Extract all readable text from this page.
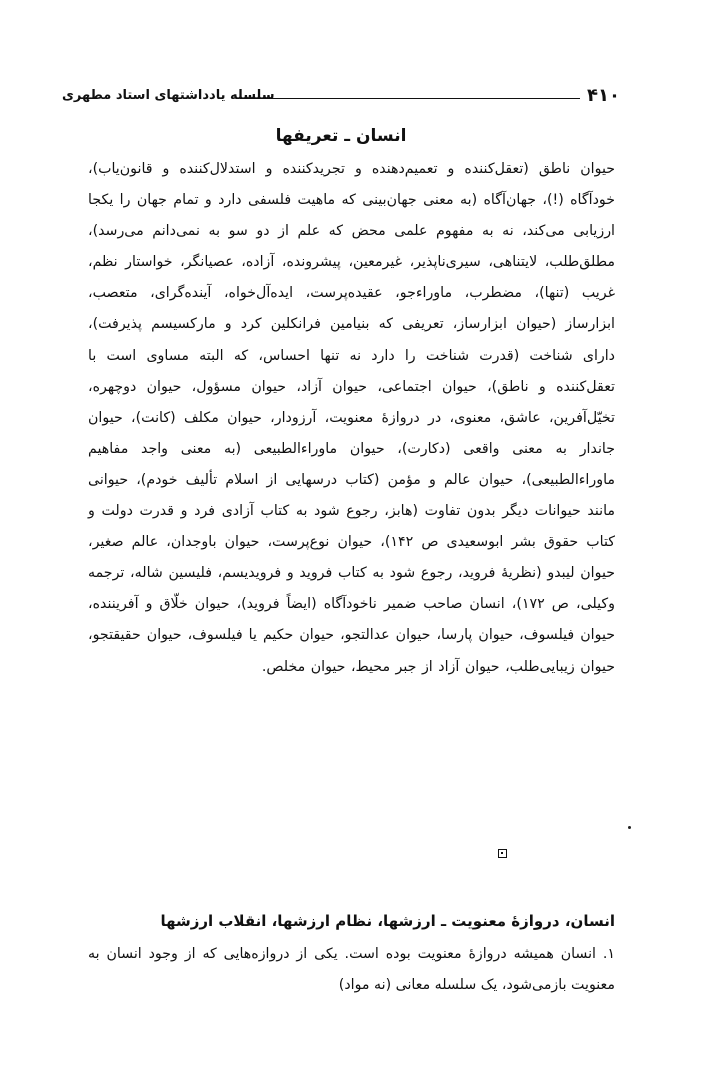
۴۱۰
سلسله یادداشتهای استاد مطهری
انسان ـ تعریفها

حیوان ناطق (تعقل‌کننده و تعمیم‌دهنده و تجریدکننده و استدلال‌کننده و قانون‌یاب)، خودآگاه (!)، جهان‌آگاه (به معنی جهان‌بینی که ماهیت فلسفی دارد و تمام جهان را یکجا ارزیابی می‌کند، نه به مفهوم علمی محض که علم از دو سو به نمی‌دانم می‌رسد)، مطلق‌طلب، لایتناهی، سیری‌ناپذیر، غیرمعین، پیشرونده، آزاده، عصیانگر، خواستار نظم، غریب (تنها)، مضطرب، ماوراءجو، عقیده‌پرست، ایده‌آل‌خواه، آینده‌گرای، متعصب، ابزارساز (حیوان ابزارساز، تعریفی که بنیامین فرانکلین کرد و مارکسیسم پذیرفت)، دارای شناخت (قدرت شناخت را دارد نه تنها احساس، که البته مساوی است با تعقل‌کننده و ناطق)، حیوان اجتماعی، حیوان آزاد، حیوان مسؤول، حیوان دوچهره، تخیّل‌آفرین، عاشق، معنوی، در دروازهٔ معنویت، آرزودار، حیوان مکلف (کانت)، حیوان جاندار به معنی واقعی (دکارت)، حیوان ماوراءالطبیعی (به معنی واجد مفاهیم ماوراءالطبیعی)، حیوان عالم و مؤمن (کتاب درسهایی از اسلام تألیف خودم)، حیوانی مانند حیوانات دیگر بدون تفاوت (هابز، رجوع شود به کتاب آزادی فرد و قدرت دولت و کتاب حقوق بشر ابوسعیدی ص ۱۴۲)، حیوان نوع‌پرست، حیوان باوجدان، عالم صغیر، حیوان لیبدو (نظریهٔ فروید، رجوع شود به کتاب فروید و فرویدیسم، فلیسین شاله، ترجمه وکیلی، ص ۱۷۲)، انسان صاحب ضمیر ناخودآگاه (ایضاً فروید)، حیوان خلّاق و آفریننده، حیوان فیلسوف، حیوان پارسا، حیوان عدالتجو، حیوان حکیم یا فیلسوف، حیوان حقیقتجو، حیوان زیبایی‌طلب، حیوان آزاد از جبر محیط، حیوان مخلص.

انسان، دروازهٔ معنویت ـ ارزشها، نظام ارزشها، انقلاب ارزشها

۱. انسان همیشه دروازهٔ معنویت بوده است. یکی از دروازه‌هایی که از وجود انسان به معنویت بازمی‌شود، یک سلسله معانی (نه مواد)
